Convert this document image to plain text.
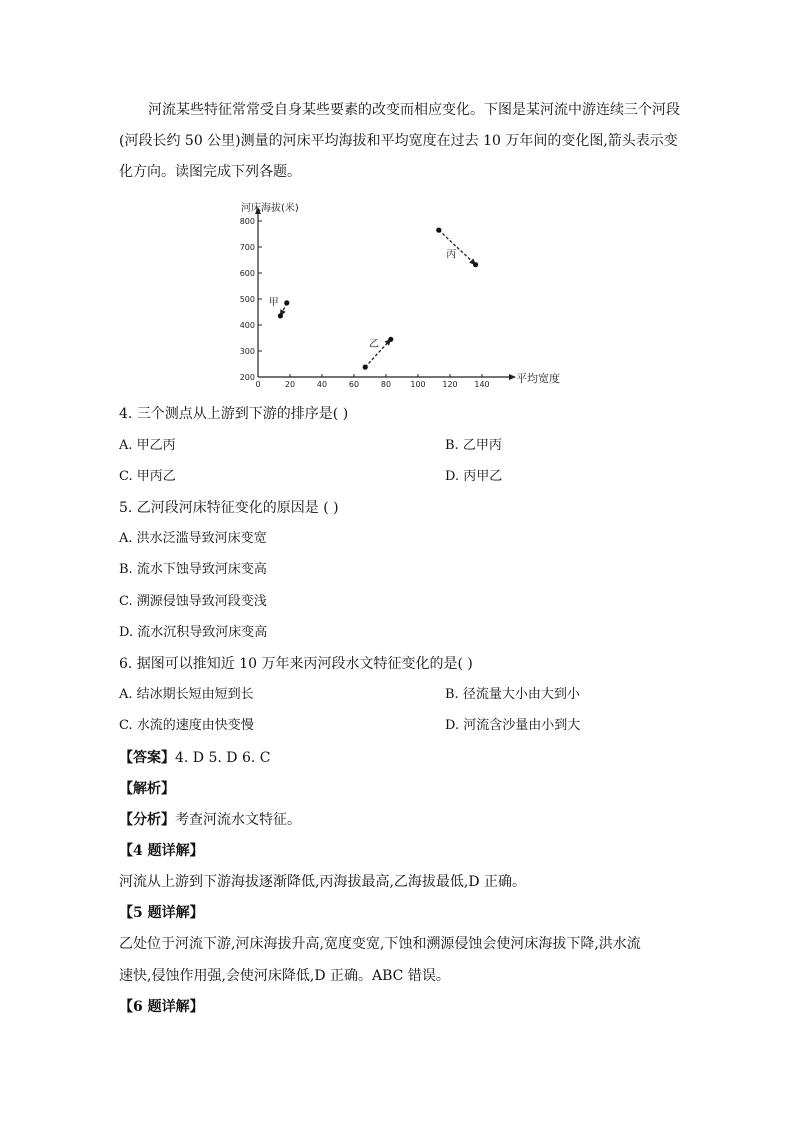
河流某些特征常常受自身某些要素的改变而相应变化。下图是某河流中游连续三个河段
(河段长约 50 公里)测量的河床平均海拔和平均宽度在过去 10 万年间的变化图,箭头表示变
化方向。读图完成下列各题。
河床海拔(米)
200
300
400
500
600
700
800
0	20	40	60	80 100 120 140
甲
乙
丙
平均宽度
4. 三个测点从上游到下游的排序是( )
A. 甲乙丙	B. 乙甲丙
C. 甲丙乙	D. 丙甲乙
5. 乙河段河床特征变化的原因是 ( )
A. 洪水泛滥导致河床变宽
B. 流水下蚀导致河床变高
C. 溯源侵蚀导致河段变浅
D. 流水沉积导致河床变高
6. 据图可以推知近 10 万年来丙河段水文特征变化的是( )
A. 结冰期长短由短到长	B. 径流量大小由大到小
C. 水流的速度由快变慢	D. 河流含沙量由小到大
【答案】4. D 5. D 6. C
【解析】
【分析】考查河流水文特征。
【4 题详解】
河流从上游到下游海拔逐渐降低,丙海拔最高,乙海拔最低,D 正确。
【5 题详解】
乙处位于河流下游,河床海拔升高,宽度变宽,下蚀和溯源侵蚀会使河床海拔下降,洪水流
速快,侵蚀作用强,会使河床降低,D 正确。ABC 错误。
【6 题详解】
